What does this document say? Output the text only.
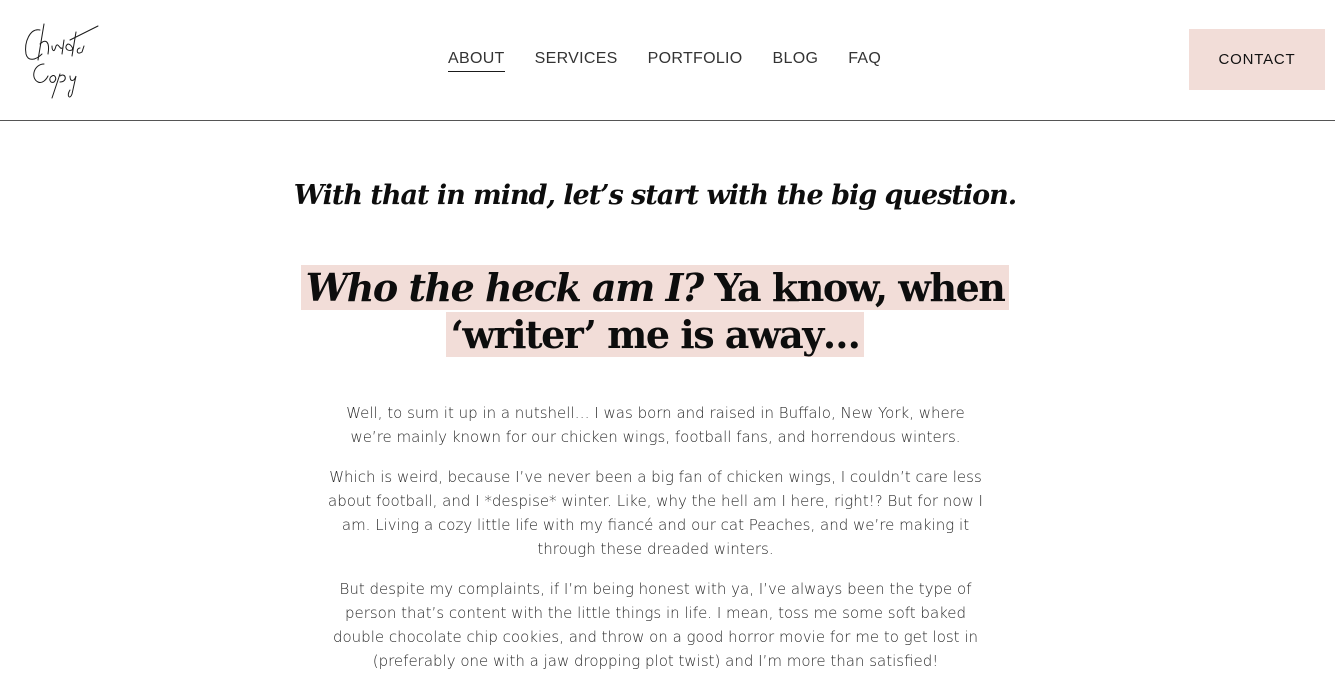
ABOUT SERVICES PORTFOLIO BLOG FAQ	CONTACT
With that in mind, let’s start with the big question.
Who the heck am I? Ya know, when ‘writer’ me is away…

Well, to sum it up in a nutshell… I was born and raised in Buffalo, New York, where we’re mainly known for our chicken wings, football fans, and horrendous winters.

Which is weird, because I’ve never been a big fan of chicken wings, I couldn’t care less about football, and I *despise* winter. Like, why the hell am I here, right!? But for now I am. Living a cozy little life with my fiancé and our cat Peaches, and we’re making it through these dreaded winters.

But despite my complaints, if I’m being honest with ya, I’ve always been the type of person that’s content with the little things in life. I mean, toss me some soft baked double chocolate chip cookies, and throw on a good horror movie for me to get lost in (preferably one with a jaw dropping plot twist) and I’m more than satisfied!
